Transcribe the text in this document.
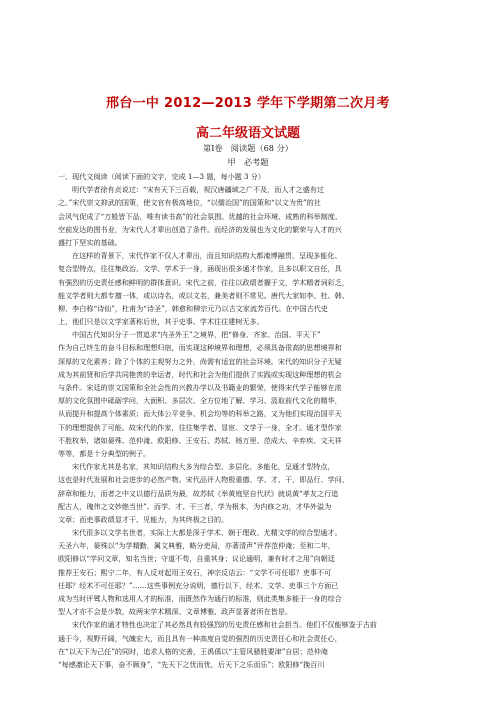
邢台一中 2012—2013 学年下学期第二次月考
高二年级语文试题
第Ⅰ卷　阅读题（68 分）
甲　必考题
一、现代文阅读（阅读下面的文字，完成 1—3 题，每小题 3 分）
明代学者徐有贞说过：“宋有天下三百载，视汉唐疆域之广不及，而人才之盛有过
之。”宋代崇文抑武的国策，使文官有极高地位，“以儒治国”的国策和“以文为贵”的社
会风气促成了“万般皆下品，唯有读书高”的社会氛围。优越的社会环境、成熟的科举制度、
空前发达的图书业，为宋代人才辈出创造了条件。而经济的发展也为文化的繁荣与人才的兴
盛打下坚实的基础。
在这样的背景下，宋代作家不仅人才辈出，而且知识结构大都淹博融贯，呈现多能化、
复合型特点，往往集政治、文学、学术于一身，涌现出很多通才作家，且多以职文自任，具
有强烈的历史责任感和鲜明的群体意识。宋代之前，往往以政绩者擢于文，学术精者词彩乏，
能文学者则大都专擅一体，或以诗名，或以文名，兼美者则不常见。唐代大家如李、杜、韩、
柳，李白称“诗仙”，杜甫为“诗圣”，韩愈和柳宗元乃以古文家流芳百代。在中国古代史
上，他们只是以文学家著称后世，其于史事、学术往往建树无多。
中国古代知识分子一贯追求“内圣外王”之境界，把“修身、齐家、治国、平天下”
作为自己终生的奋斗目标和理想归宿，而实现这种境界和理想，必须具备很高的思想境界和
深厚的文化素养；除了个体的主观努力之外，尚需有适宜的社会环境。宋代的知识分子无疑
成为其前贤和后学共同艳羡的幸运者，时代和社会为他们提供了实践或实现这种理想的机会
与条件。宋廷的崇文国策和全社会性的兴教办学以及书籍业的繁荣，使得宋代学子能够在浓
厚的文化氛围中砥砺学问，大面积、多层次、全方位地了解、学习、汲取前代文化的精华，
从而提升和提高个体素质；而大体公平竞争、机会均等的科举之路，又为他们实现治国平天
下的理想提供了可能。故宋代的作家，往往集学者、显宦、文学于一身，全才。通才型作家
不胜枚举，诸如晏殊、范仲淹、欧阳修、王安石、苏轼、杨万里、范成大、辛弃疾、文天祥
等等，都是十分典型的例子。
宋代作家尤其是名家，其知识结构大多为综合型、多层化、多能化，呈通才型特点，
这也是时代发展和社会进步的必然产物。宋代品评人物极重德、学、才、干，即品行、学问、
辞章和能力，而者之中又以德行品质为最，故苏轼《举黄庭坚自代状》就说黄“孝友之行追
配古人，瑰伟之文妙绝当世”。而学、才、干三者，学为根本，为内修之功，才华外溢为
文章；而吏事政绩显才干、见能力，为其终极之目的。
宋代很多以文学名世者，实际上大都是深于学术、娴于理政、尤精文学的综合型通才。
天圣六年，晏殊以“为学精勤，属文典雅，略分吏局，亦著清声”评荐范仲淹；至和二年，
欧阳修以“学问文章，知名当世；守道不苟，自重其身；议论通明，兼有时才之用”向朝廷
推荐王安石；熙宁二年，有人反对起用王安石，神宗反诘云：“文学不可任耶？吏事不可
任耶？经术不可任耶？”……这些事例充分说明，德行以下，经术、文学、吏事三个方面已
成为当时评骘人物和选用人才的标准，而既然作为通行的标准，则此类集多能于一身的综合
型人才亦不会是少数，故两宋学术精深、文章博雅、政声显著者所在皆是。
宋代作家的通才特性也决定了其必然具有较强烈的历史责任感和社会担当。他们不仅能够鉴于古前
通于今，视野开阔，气魄宏大，而且具有一种高度自觉的强烈的历史责任心和社会责任心，
在“以天下为己任”的同时，追求人格的完善，王禹偁以“主管风骚胜要津”自居；范仲淹
“每感激论天下事，奋不顾身”，“先天下之忧而忧，后天下之乐而乐”；欧阳修“挽百川
